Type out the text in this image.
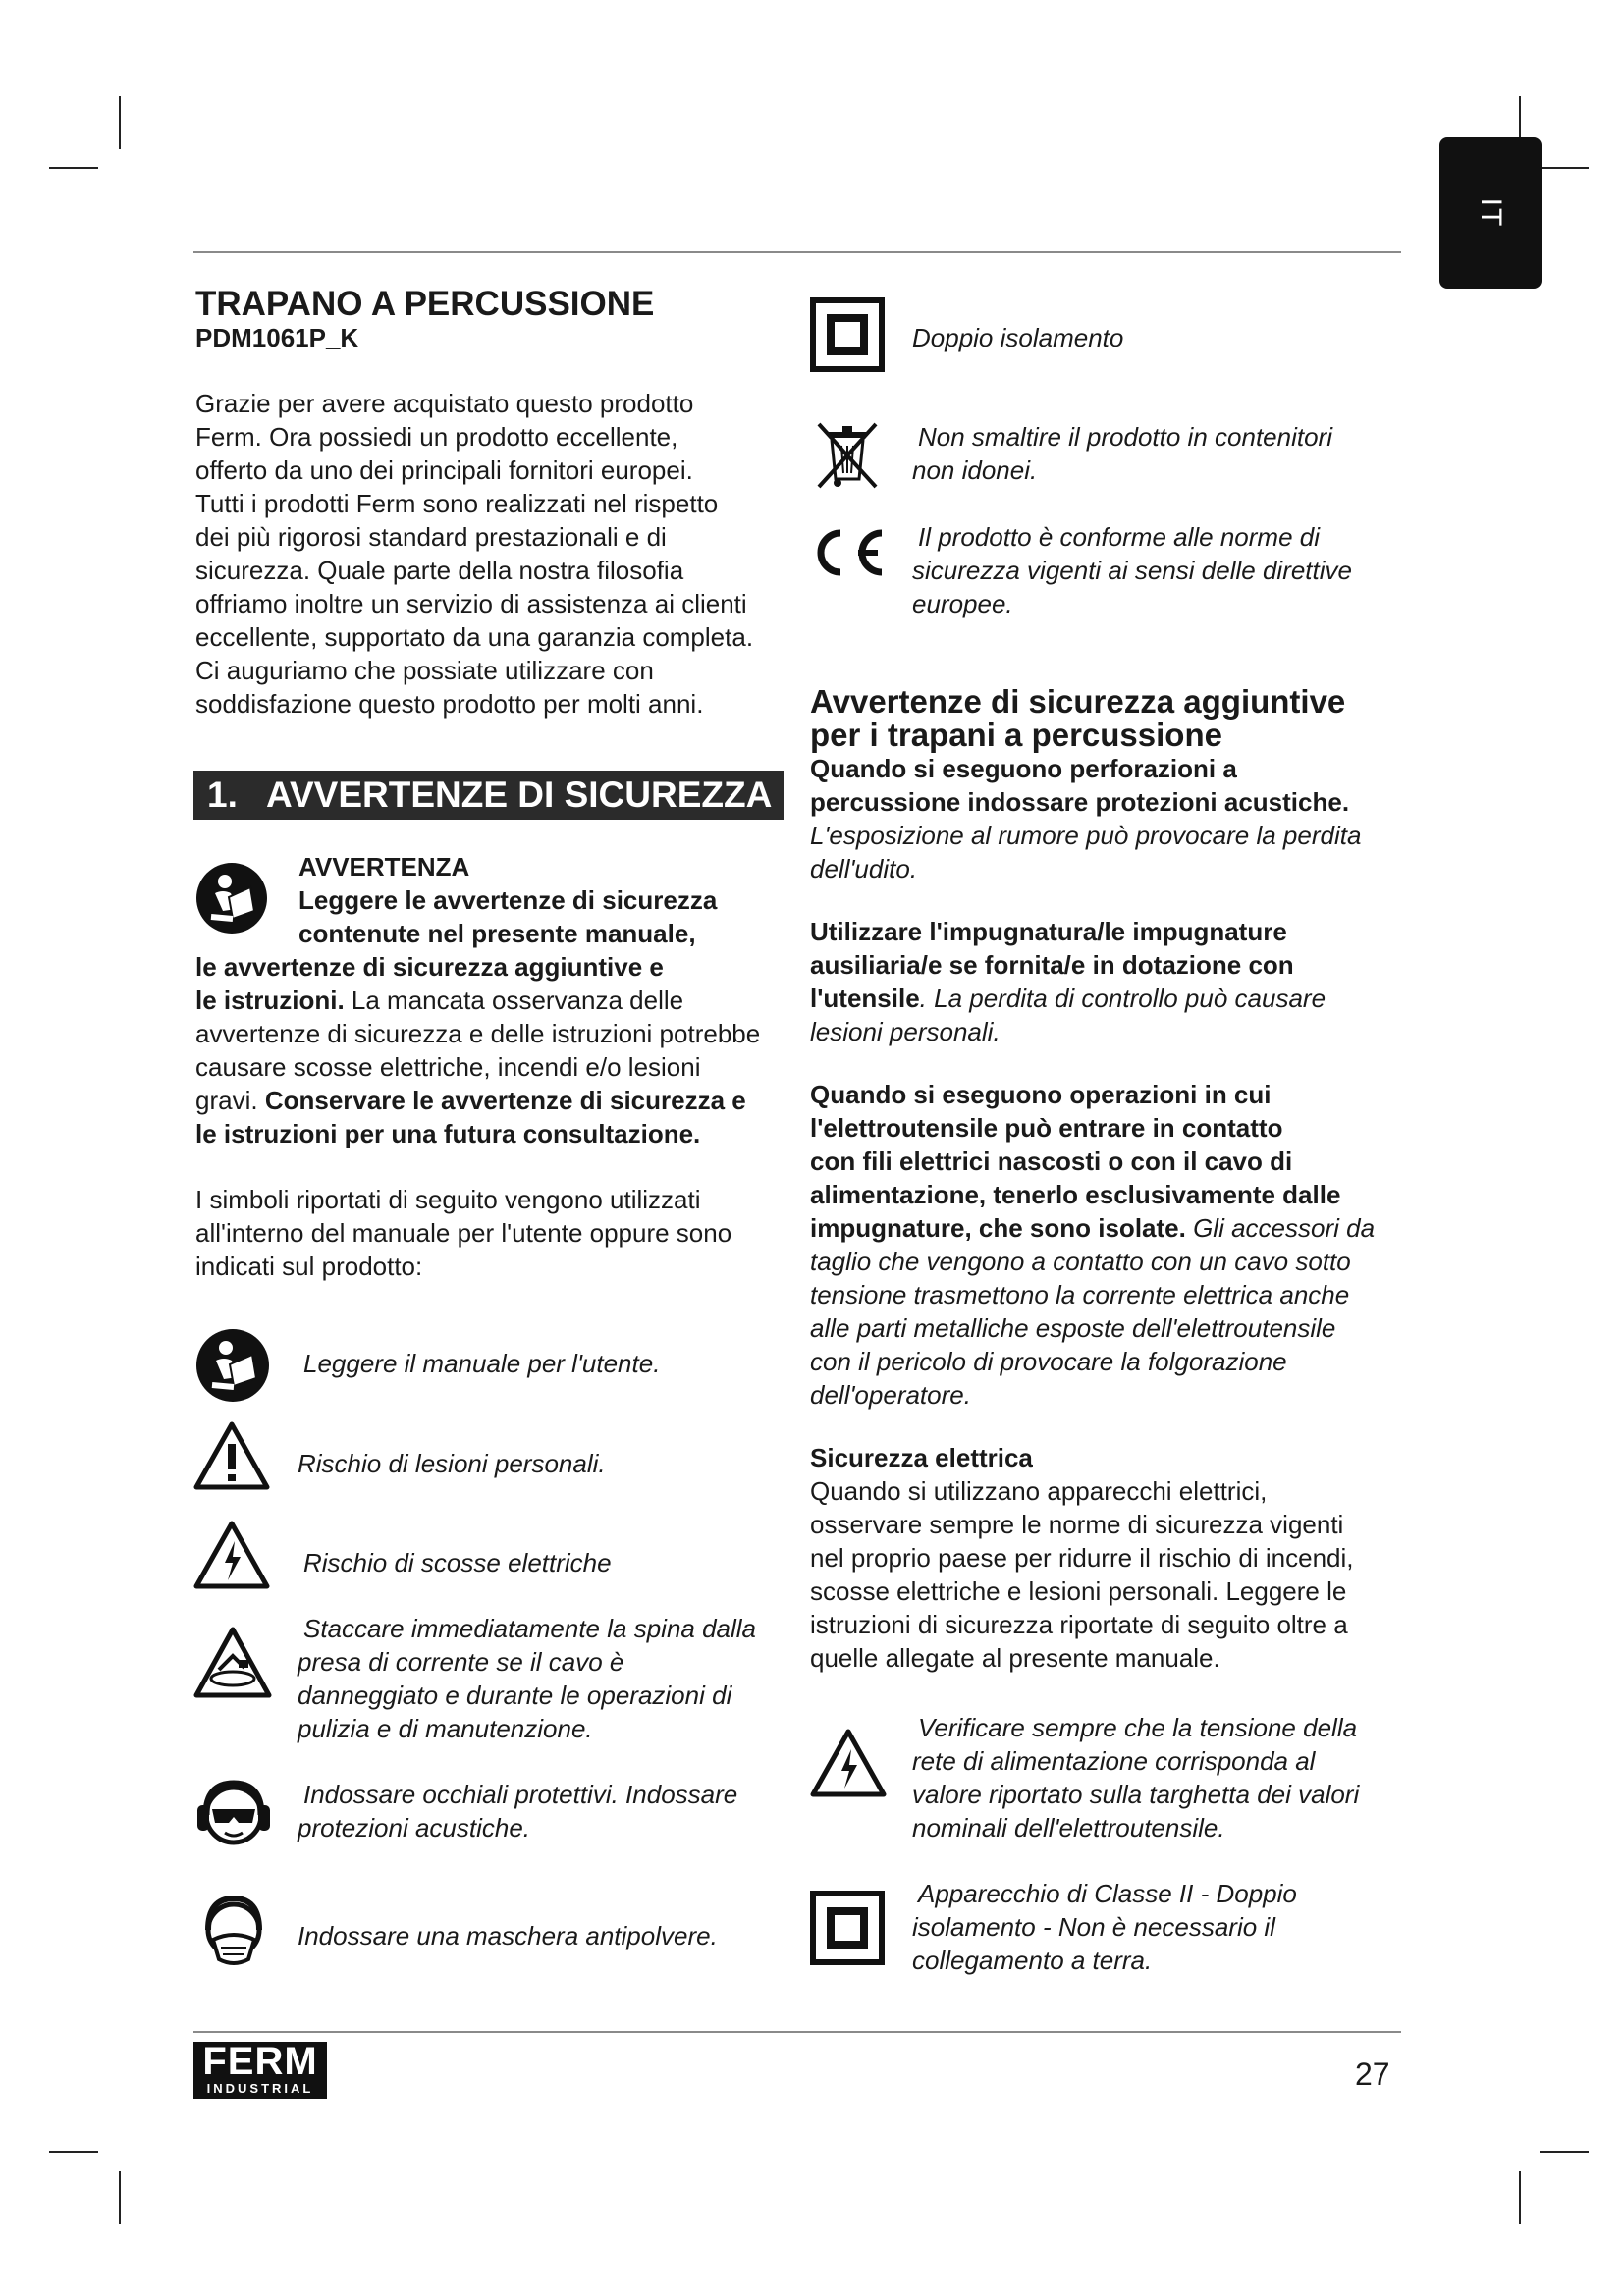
IT

TRAPANO A PERCUSSIONE

PDM1061P_K

Grazie per avere acquistato questo prodotto

Ferm. Ora possiedi un prodotto eccellente,

offerto da uno dei principali fornitori europei.

Tutti i prodotti Ferm sono realizzati nel rispetto

dei più rigorosi standard prestazionali e di

sicurezza. Quale parte della nostra filosofia

offriamo inoltre un servizio di assistenza ai clienti

eccellente, supportato da una garanzia completa.

Ci auguriamo che possiate utilizzare con

soddisfazione questo prodotto per molti anni.

1. AVVERTENZE DI SICUREZZA

AVVERTENZA

Leggere le avvertenze di sicurezza

contenute nel presente manuale,

le avvertenze di sicurezza aggiuntive e

le istruzioni. La mancata osservanza delle

avvertenze di sicurezza e delle istruzioni potrebbe

causare scosse elettriche, incendi e/o lesioni

gravi. Conservare le avvertenze di sicurezza e

le istruzioni per una futura consultazione.

I simboli riportati di seguito vengono utilizzati

all'interno del manuale per l'utente oppure sono

indicati sul prodotto:

Leggere il manuale per l'utente.

Rischio di lesioni personali.

Rischio di scosse elettriche

Staccare immediatamente la spina dalla

presa di corrente se il cavo è

danneggiato e durante le operazioni di

pulizia e di manutenzione.

Indossare occhiali protettivi. Indossare

protezioni acustiche.

Indossare una maschera antipolvere.

Doppio isolamento

Non smaltire il prodotto in contenitori

non idonei.

Il prodotto è conforme alle norme di

sicurezza vigenti ai sensi delle direttive

europee.

Avvertenze di sicurezza aggiuntive

per i trapani a percussione

Quando si eseguono perforazioni a

percussione indossare protezioni acustiche.

L'esposizione al rumore può provocare la perdita

dell'udito.

Utilizzare l'impugnatura/le impugnature

ausiliaria/e se fornita/e in dotazione con

l'utensile. La perdita di controllo può causare

lesioni personali.

Quando si eseguono operazioni in cui

l'elettroutensile può entrare in contatto

con fili elettrici nascosti o con il cavo di

alimentazione, tenerlo esclusivamente dalle

impugnature, che sono isolate. Gli accessori da

taglio che vengono a contatto con un cavo sotto

tensione trasmettono la corrente elettrica anche

alle parti metalliche esposte dell'elettroutensile

con il pericolo di provocare la folgorazione

dell'operatore.

Sicurezza elettrica

Quando si utilizzano apparecchi elettrici,

osservare sempre le norme di sicurezza vigenti

nel proprio paese per ridurre il rischio di incendi,

scosse elettriche e lesioni personali. Leggere le

istruzioni di sicurezza riportate di seguito oltre a

quelle allegate al presente manuale.

Verificare sempre che la tensione della

rete di alimentazione corrisponda al

valore riportato sulla targhetta dei valori

nominali dell'elettroutensile.

Apparecchio di Classe II - Doppio

isolamento - Non è necessario il

collegamento a terra.

FERM
INDUSTRIAL	27
